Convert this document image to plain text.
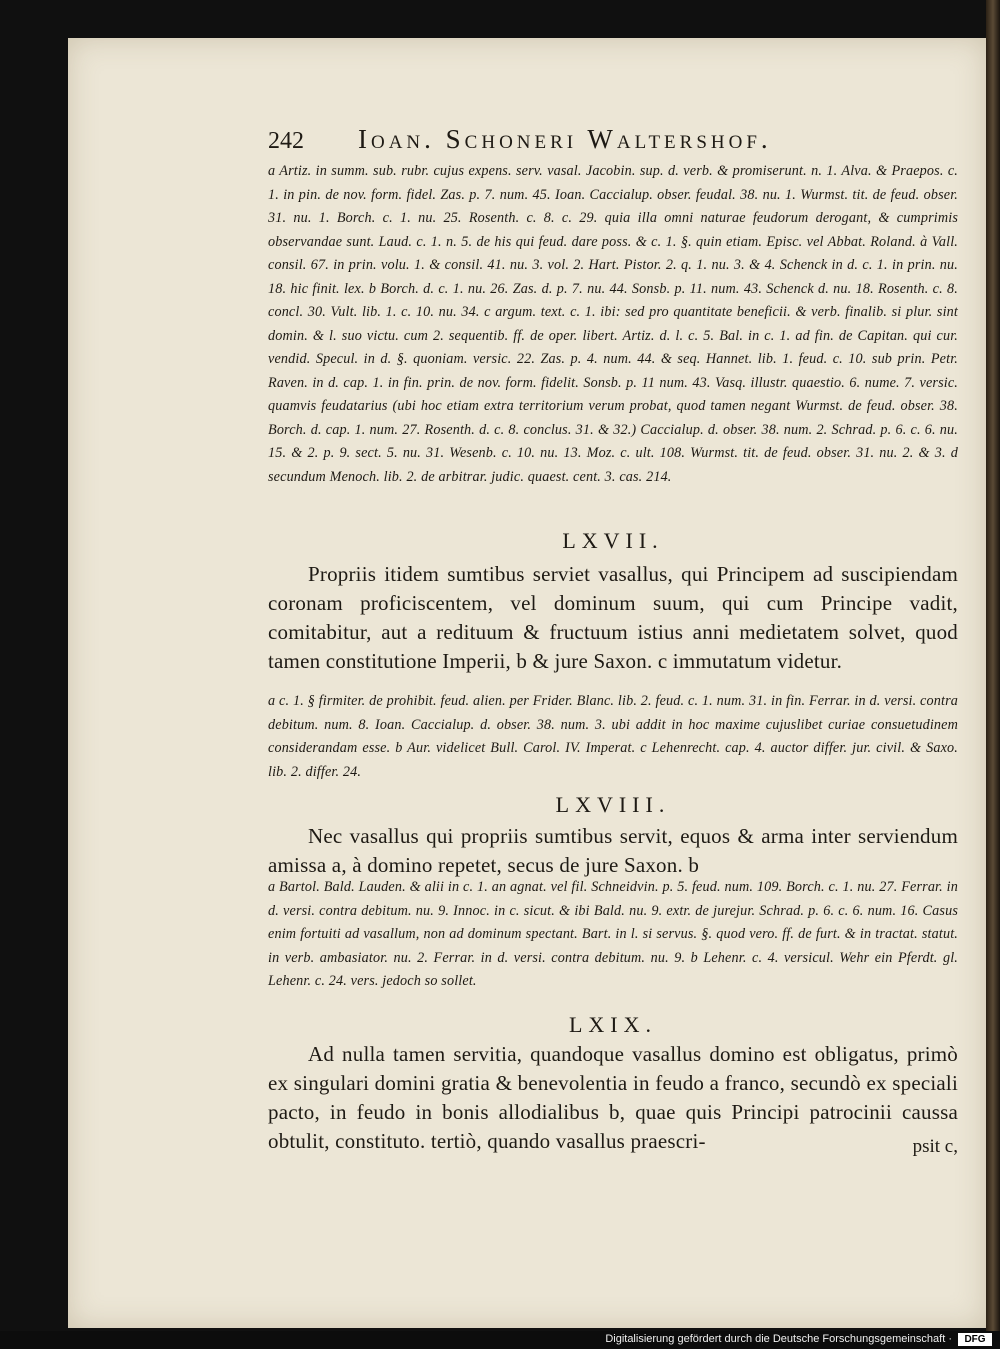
242 Ioan. Schoneri Waltershof.
a Artiz. in summ. sub. rubr. cujus expens. serv. vasal. Jacobin. sup. d. verb. & promiserunt. n. 1. Alva. & Praepos. c. 1. in pin. de nov. form. fidel. Zas. p. 7. num. 45. Ioan. Caccialup. obser. feudal. 38. nu. 1. Wurmst. tit. de feud. obser. 31. nu. 1. Borch. c. 1. nu. 25. Rosenth. c. 8. c. 29. quia illa omni naturae feudorum derogant, & cumprimis observandae sunt. Laud. c. 1. n. 5. de his qui feud. dare poss. & c. 1. §. quin etiam. Episc. vel Abbat. Roland. à Vall. consil. 67. in prin. volu. 1. & consil. 41. nu. 3. vol. 2. Hart. Pistor. 2. q. 1. nu. 3. & 4. Schenck in d. c. 1. in prin. nu. 18. hic finit. lex. b Borch. d. c. 1. nu. 26. Zas. d. p. 7. nu. 44. Sonsb. p. 11. num. 43. Schenck d. nu. 18. Rosenth. c. 8. concl. 30. Vult. lib. 1. c. 10. nu. 34. c argum. text. c. 1. ibi: sed pro quantitate beneficii. & verb. finalib. si plur. sint domin. & l. suo victu. cum 2. sequentib. ff. de oper. libert. Artiz. d. l. c. 5. Bal. in c. 1. ad fin. de Capitan. qui cur. vendid. Specul. in d. §. quoniam. versic. 22. Zas. p. 4. num. 44. & seq. Hannet. lib. 1. feud. c. 10. sub prin. Petr. Raven. in d. cap. 1. in fin. prin. de nov. form. fidelit. Sonsb. p. 11 num. 43. Vasq. illustr. quaestio. 6. nume. 7. versic. quamvis feudatarius (ubi hoc etiam extra territorium verum probat, quod tamen negant Wurmst. de feud. obser. 38. Borch. d. cap. 1. num. 27. Rosenth. d. c. 8. conclus. 31. & 32.) Caccialup. d. obser. 38. num. 2. Schrad. p. 6. c. 6. nu. 15. & 2. p. 9. sect. 5. nu. 31. Wesenb. c. 10. nu. 13. Moz. c. ult. 108. Wurmst. tit. de feud. obser. 31. nu. 2. & 3. d secundum Menoch. lib. 2. de arbitrar. judic. quaest. cent. 3. cas. 214.
LXVII.
Propriis itidem sumtibus serviet vasallus, qui Principem ad suscipiendam coronam proficiscentem, vel dominum suum, qui cum Principe vadit, comitabitur, aut a redituum & fructuum istius anni medietatem solvet, quod tamen constitutione Imperii, b & jure Saxon. c immutatum videtur.
a c. 1. § firmiter. de prohibit. feud. alien. per Frider. Blanc. lib. 2. feud. c. 1. num. 31. in fin. Ferrar. in d. versi. contra debitum. num. 8. Ioan. Caccialup. d. obser. 38. num. 3. ubi addit in hoc maxime cujuslibet curiae consuetudinem considerandam esse. b Aur. videlicet Bull. Carol. IV. Imperat. c Lehenrecht. cap. 4. auctor differ. jur. civil. & Saxo. lib. 2. differ. 24.
LXVIII.
Nec vasallus qui propriis sumtibus servit, equos & arma inter serviendum amissa a, à domino repetet, secus de jure Saxon. b
a Bartol. Bald. Lauden. & alii in c. 1. an agnat. vel fil. Schneidvin. p. 5. feud. num. 109. Borch. c. 1. nu. 27. Ferrar. in d. versi. contra debitum. nu. 9. Innoc. in c. sicut. & ibi Bald. nu. 9. extr. de jurejur. Schrad. p. 6. c. 6. num. 16. Casus enim fortuiti ad vasallum, non ad dominum spectant. Bart. in l. si servus. §. quod vero. ff. de furt. & in tractat. statut. in verb. ambasiator. nu. 2. Ferrar. in d. versi. contra debitum. nu. 9. b Lehenr. c. 4. versicul. Wehr ein Pferdt. gl. Lehenr. c. 24. vers. jedoch so sollet.
LXIX.
Ad nulla tamen servitia, quandoque vasallus domino est obligatus, primò ex singulari domini gratia & benevolentia in feudo a franco, secundò ex speciali pacto, in feudo in bonis allodialibus b, quae quis Principi patrocinii caussa obtulit, constituto. tertiò, quando vasallus praescri-	psit c,
Digitalisierung gefördert durch die Deutsche Forschungsgemeinschaft ·	DFG
